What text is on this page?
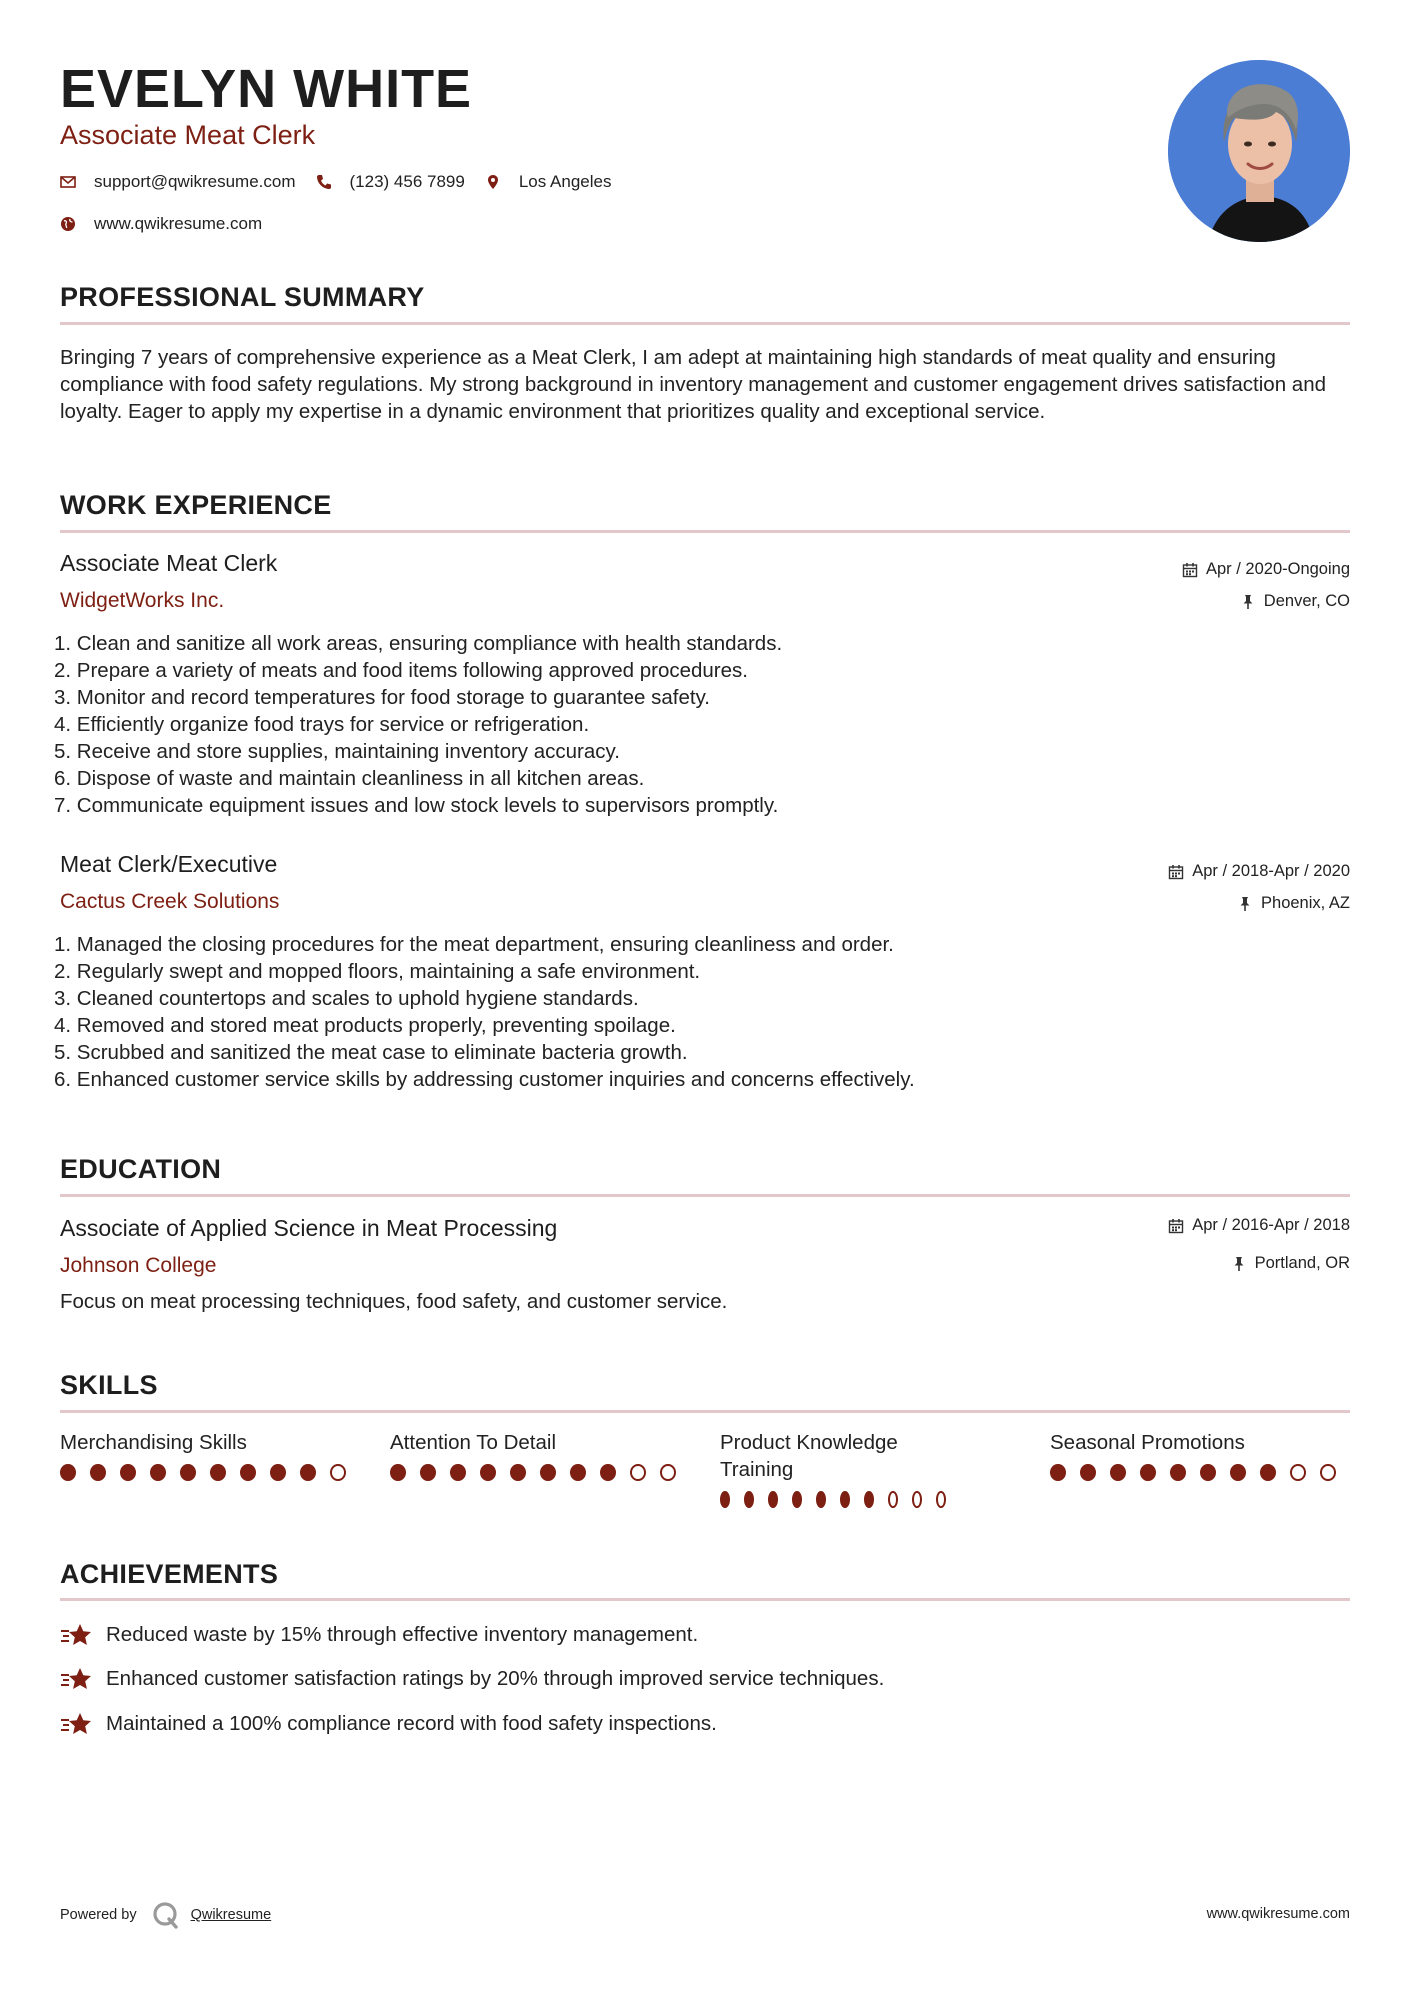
EVELYN WHITE
Associate Meat Clerk
support@qwikresume.com	(123) 456 7899	Los Angeles
www.qwikresume.com
PROFESSIONAL SUMMARY
Bringing 7 years of comprehensive experience as a Meat Clerk, I am adept at maintaining high standards of meat quality and ensuring compliance with food safety regulations. My strong background in inventory management and customer engagement drives satisfaction and loyalty. Eager to apply my expertise in a dynamic environment that prioritizes quality and exceptional service.
WORK EXPERIENCE
Associate Meat Clerk
WidgetWorks Inc.
Apr / 2020-Ongoing
Denver, CO
1. Clean and sanitize all work areas, ensuring compliance with health standards.
2. Prepare a variety of meats and food items following approved procedures.
3. Monitor and record temperatures for food storage to guarantee safety.
4. Efficiently organize food trays for service or refrigeration.
5. Receive and store supplies, maintaining inventory accuracy.
6. Dispose of waste and maintain cleanliness in all kitchen areas.
7. Communicate equipment issues and low stock levels to supervisors promptly.
Meat Clerk/Executive
Cactus Creek Solutions
Apr / 2018-Apr / 2020
Phoenix, AZ
1. Managed the closing procedures for the meat department, ensuring cleanliness and order.
2. Regularly swept and mopped floors, maintaining a safe environment.
3. Cleaned countertops and scales to uphold hygiene standards.
4. Removed and stored meat products properly, preventing spoilage.
5. Scrubbed and sanitized the meat case to eliminate bacteria growth.
6. Enhanced customer service skills by addressing customer inquiries and concerns effectively.
EDUCATION
Associate of Applied Science in Meat Processing
Johnson College
Apr / 2016-Apr / 2018
Portland, OR
Focus on meat processing techniques, food safety, and customer service.
SKILLS
Merchandising Skills	Attention To Detail	Product Knowledge Training
Seasonal Promotions
ACHIEVEMENTS
Reduced waste by 15% through effective inventory management.
Enhanced customer satisfaction ratings by 20% through improved service techniques.
Maintained a 100% compliance record with food safety inspections.
Powered by	Qwikresume	www.qwikresume.com
